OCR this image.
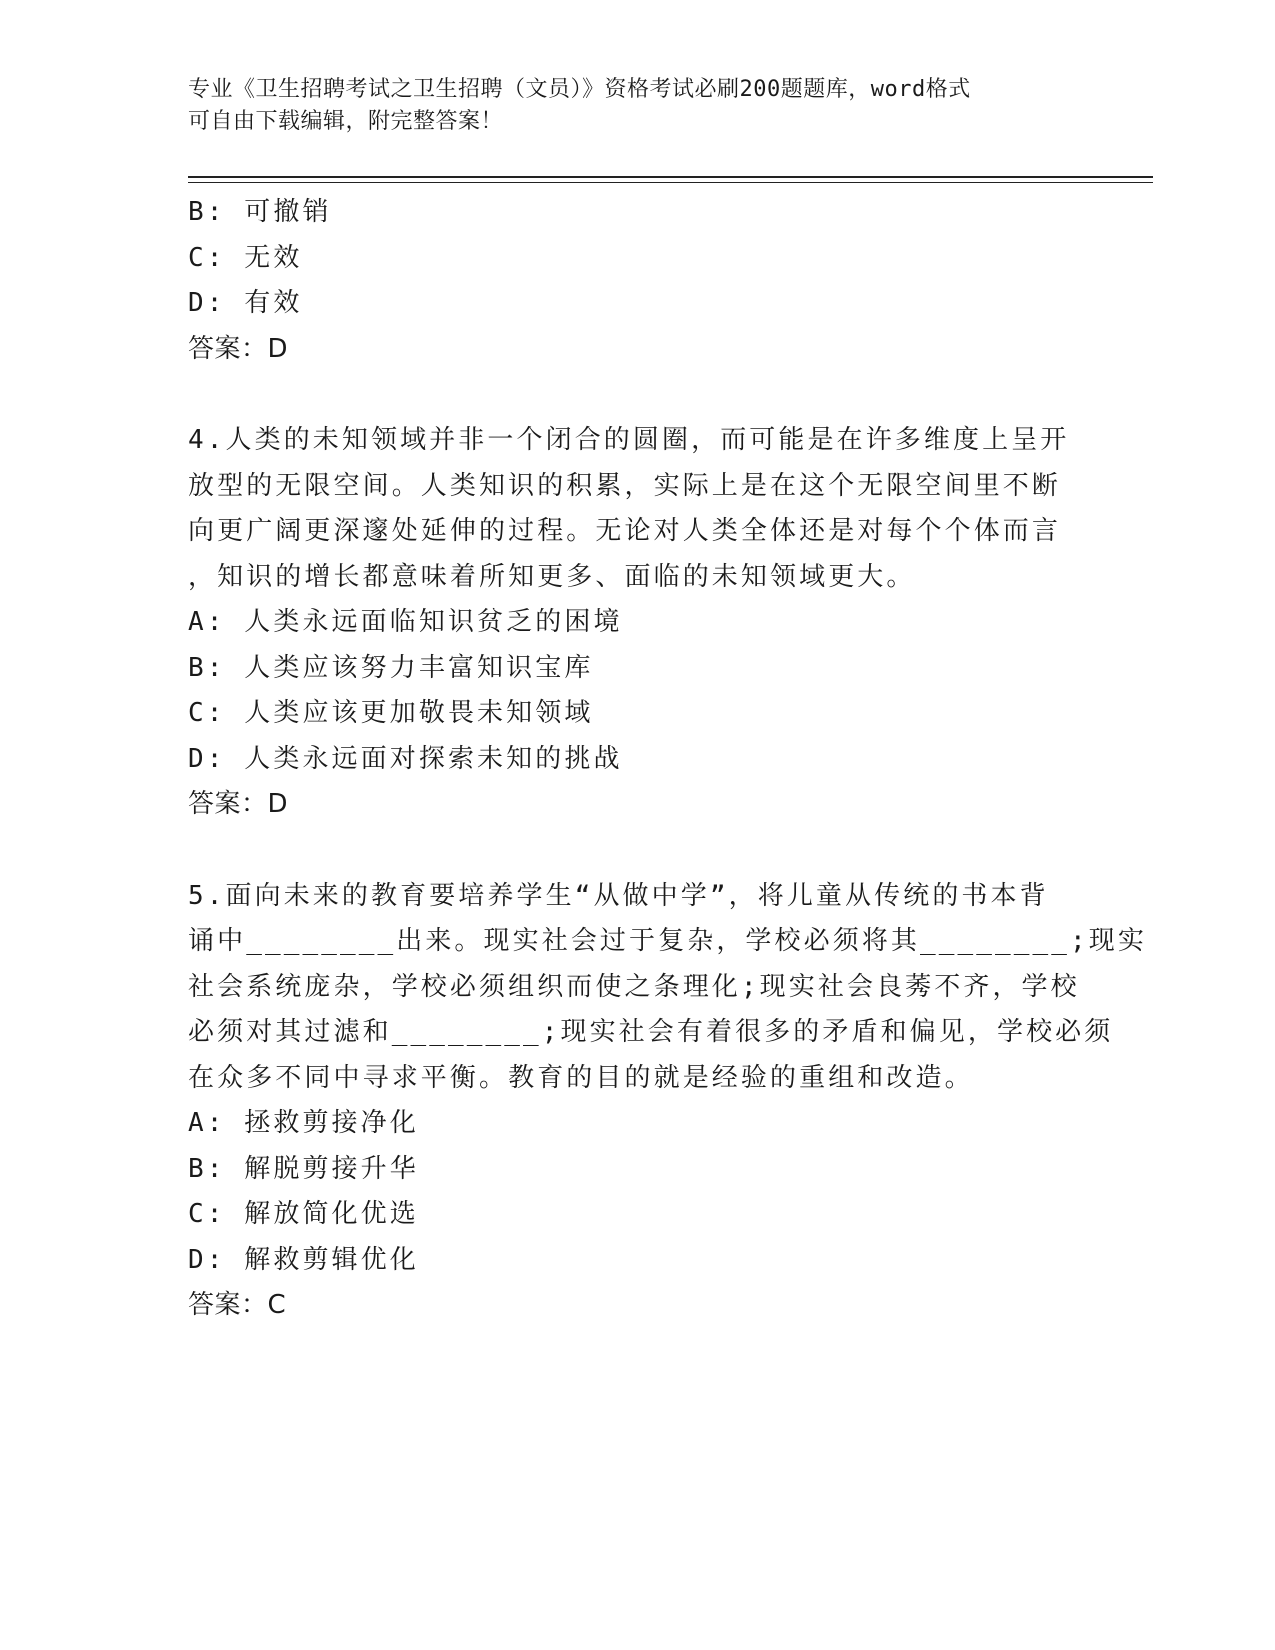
专业《卫生招聘考试之卫生招聘（文员）》资格考试必刷200题题库，word格式
可自由下载编辑，附完整答案！
B: 可撤销
C: 无效
D: 有效
答案：D
4.人类的未知领域并非一个闭合的圆圈，而可能是在许多维度上呈开
放型的无限空间。人类知识的积累，实际上是在这个无限空间里不断
向更广阔更深邃处延伸的过程。无论对人类全体还是对每个个体而言
，知识的增长都意味着所知更多、面临的未知领域更大。
A: 人类永远面临知识贫乏的困境
B: 人类应该努力丰富知识宝库
C: 人类应该更加敬畏未知领域
D: 人类永远面对探索未知的挑战
答案：D
5.面向未来的教育要培养学生“从做中学”，将儿童从传统的书本背
诵中________出来。现实社会过于复杂，学校必须将其________;现实
社会系统庞杂，学校必须组织而使之条理化;现实社会良莠不齐，学校
必须对其过滤和________;现实社会有着很多的矛盾和偏见，学校必须
在众多不同中寻求平衡。教育的目的就是经验的重组和改造。
A: 拯救剪接净化
B: 解脱剪接升华
C: 解放简化优选
D: 解救剪辑优化
答案：C
